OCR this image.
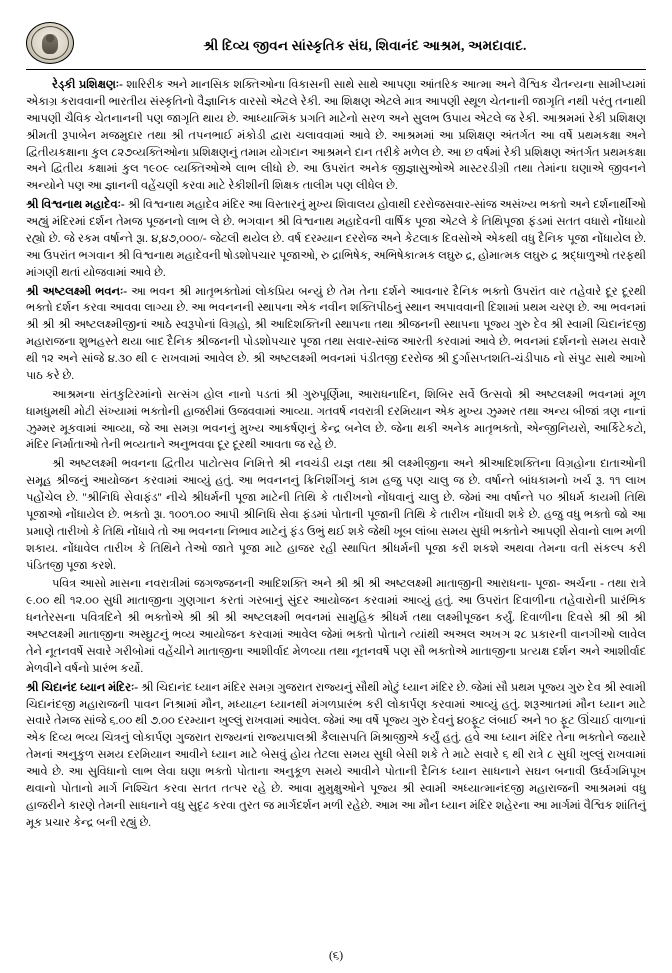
શ્રી દિવ્ય જીવન સાંસ્કૃતિક સંઘ, શિવાનંદ આશ્રમ, અમદાવાદ.

રેડ્કી પ્રશિક્ષણઃ- શારિરીક અને માનસિક શક્તિઓના વિકાસની સાથે સાથે આપણા આંતરિક આત્મા અને વૈશ્વિક ચૈતન્યના સામીપ્યમાં એકાગ્ર કરાવવાની ભારતીય સંસ્કૃતિનો વૈજ્ઞાનિક વારસો એટલે રેકી. આ શિક્ષણ એટલે માત્ર આપણી સ્થૂળ ચેતનાની જાગૃતિ નથી પરંતુ તનાથી આપણી ચૈવિક ચેતનાનની પણ જાગૃતિ થાય છે. આધ્યાત્મિક પ્રગતિ માટેનો સરળ અને સુલભ ઉપાય એટલે જ રેકી. આશ્રમમાં રેકી પ્રશિક્ષણ શ્રીમતી રૂપાબેન મજમુદાર તથા શ્રી તપનભાઈ મંકોડી દ્વારા ચલાવવામાં આવે છે. આશ્રમમાં આ પ્રશિક્ષણ અંતર્ગત આ વર્ષે પ્રથમકક્ષા અને દ્વિતીયકક્ષાના કુલ ૮૨૭વ્યક્તિઓના પ્રશિક્ષણનું તમામ યોગદાન આશ્રમને દાન તરીકે મળેલ છે. આ છ વર્ષમાં રેકી પ્રશિક્ષણ અંતર્ગત પ્રથમકક્ષા અને દ્વિતીય કક્ષામાં કુલ ૧૯૦૯ વ્યક્તિઓએ લાભ લીધો છે. આ ઉપરાંત અનેક જીજ્ઞાસુઓએ માસ્ટરડીગ્રી તથા તેમાંના ઘણાએ જીવનને અન્યોને પણ આ જ્ઞાનની વહેંચણી કરવા માટે રેકીશીની શિક્ષક તાલીમ પણ લીધેલ છે.

શ્રી વિશ્વનાથ મહાદેવઃ- શ્રી વિશ્વનાથ મહાદેવ મંદિર આ વિસ્તારનું મુખ્ય શિવાલય હોવાથી દરરોજસવાર-સાંજ અસંખ્ય ભક્તો અને દર્શનાર્થીઓ અહ્યું મંદિરમાં દર્શન તેમજ પૂજનનો લાભ લે છે. ભગવાન શ્રી વિશ્વનાથ મહાદેવની વાર્ષિક પૂજા એટલે કે તિથિપૂજા ફંડમાં સતત વધારો નોંધાયો રહ્યો છે. જે રકમ વર્ષાન્તે રૂા. ૪,૪૭,૦૦૦/- જેટલી થયેલ છે. વર્ષ દરમ્યાન દરરોજ અને કેટલાક દિવસોએ એકથી વધુ દૈનિક પૂજા નોંધાયેલ છે. આ ઉપરાંત ભગવાન શ્રી વિશ્વનાથ મહાદેવની ષોડશોપચાર પૂજાઓ, રુ દ્રાભિષેક, અભિષેકાત્મક લઘુરુ દ્ર, હોમાત્મક લઘુરુ દ્ર શ્રદ્ધાળુઓ તરફથી માંગણી થતાં યોજવામાં આવે છે.

શ્રી અષ્ટલક્ષ્મી ભવનઃ- આ ભવન શ્રી માતૃભક્તોમાં લોકપ્રિય બન્યું છે તેમ તેના દર્શને આવનાર દૈનિક ભક્તો ઉપરાંત વાર તહેવારે દૂર દૂરથી ભક્તો દર્શન કરવા આવવા લાગ્યા છે. આ ભવનનની સ્થાપના એક નવીન શક્તિપીઠનું સ્થાન અપાવવાની દિશામાં પ્રથમ ચરણ છે. આ ભવનમાં શ્રી શ્રી શ્રી અષ્ટલક્ષ્મીજીનાં આઠે સ્વરૂપોનાં વિગ્રહો, શ્રી આદિશક્તિની સ્થાપના તથા શ્રીજનની સ્થાપના પૂજ્ય ગુરુ દેવ શ્રી સ્વામી ચિદાનંદજી મહારાજના શુભહસ્તે થયા બાદ દૈનિક શ્રીજનની પોડશોપચાર પૂજા તથા સવાર-સાંજ આરતી કરવામાં આવે છે. ભવનમાં દર્શનનો સમય સવારે થી ૧૨ અને સાંજે ૪.૩૦ થી ૯ રાખવામાં આવેલ છે. શ્રી અષ્ટલક્ષ્મી ભવનમાં પંડીતજી દરરોજ શ્રી દુર્ગાસપ્તશતિ-ચંડીપાઠ નો સંપુટ સાથે આખો પાઠ કરે છે.

આશ્રમના સંતકુટિરમાંનો સત્સંગ હોલ નાનો પડતાં શ્રી ગુરુપૂર્ણિમા, આરાધનાદિન, શિબિર સર્વે ઉત્સવો શ્રી અષ્ટલક્ષ્મી ભવનમાં મૂળ ધામધુમથી મોટી સંખ્યામાં ભક્તોની હાજરીમાં ઉજવવામાં આવ્યા. ગતવર્ષ નવરાત્રી દરમિયાન એક મુખ્ય ઝુમ્મર તથા અન્ય બીજાં ત્રણ નાનાં ઝુમ્મર મૂકવામાં આવ્યા, જે આ સમગ્ર ભવનનું મુખ્ય આકર્ષણનું કેન્દ્ર બનેલ છે. જેના થકી અનેક માતૃભક્તો, એન્જીનિયરો, આર્કિટેકટો, મંદિર નિર્માતાઓ તેની ભવ્યતાને અનુભવવા દૂર દૂરથી આવતા જ રહે છે.

શ્રી અષ્ટલક્ષ્મી ભવનના દ્વિતીય પાટોત્સવ નિમિત્તે શ્રી નવચંડી યજ્ઞ તથા શ્રી લક્ષ્મીજીના અને શ્રીઆદિશક્તિના વિગ્રહોના દાતાઓની સમૂહ શ્રીજનું આયોજન કરવામાં આવ્યું હતું. આ ભવનનનું ક્રિનિશીંગનું કામ હજુ પણ ચાલુ જ છે. વર્ષાન્તે બાંધકામનો ખર્ચ રૂ. ૧૧ લાખ પહોંચેલ છે. ''શ્રીનિધિ સેવાફંડ'' નીચે શ્રીધર્મની પૂજા માટેની તિથિ કે તારીખનો નોંધવાનું ચાલુ છે. જેમાં આ વર્ષાન્તે ૫૦ શ્રીધર્મ કાયમી તિથિ પૂજાઓ નોંધાયેલ છે. ભક્તો રૂા. ૧૦૦૧.૦૦ આપી શ્રીનિધિ સેવા ફંડમાં પોતાની પૂજાની તિથિ કે તારીખ નોંધાવી શકે છે. હજુ વધુ ભક્તો જો આ પ્રમાણે તારીખો કે તિથિ નોંધાવે તો આ ભવનના નિભાવ માટેનું ફંડ ઉભું થઈ શકે જેથી ખૂબ લાંબા સમય સુધી ભક્તોને આપણી સેવાનો લાભ મળી શકાય. નોંધાવેલ તારીખ કે તિથિને તેઓ જાતે પૂજા માટે હાજર રહી સ્થાપિત શ્રીધર્મની પૂજા કરી શકશે અથવા તેમના વતી સંકલ્પ કરી પંડિતજી પૂજા કરશે.

પવિત્ર આસો માસના નવરાત્રીમાં જગજ્જનની આદિશક્તિ અને શ્રી શ્રી શ્રી અષ્ટલક્ષ્મી માતાજીની આરાધના- પૂજા- અર્ચના - તથા રાત્રે ૯.૦૦ થી ૧૨.૦૦ સુધી માતાજીના ગુણગાન કરતાં ગરબાનું સુંદર આયોજન કરવામાં આવ્યું હતું. આ ઉપરાંત દિવાળીના તહેવારોની પ્રારંભિક ધનતેરસના પવિત્રદિને શ્રી ભક્તોએ શ્રી શ્રી શ્રી અષ્ટલક્ષ્મી ભવનમાં સામુહિક શ્રીધર્મ તથા લક્ષ્મીપૂજન કર્યું. દિવાળીના દિવસે શ્રી શ્રી શ્રી અષ્ટલક્ષ્મી માતાજીના અસ્ઘ્રુટનું ભવ્ય આયોજન કરવામાં આવેલ જેમાં ભક્તો પોતાને ત્યાંથી અઅલ અખઞ ૨૮ પ્રકારની વાનગીઓ લાવેલ તેને નૂતનવર્ષે સવારે ગરીબોમાં વહેંચીને માતાજીના આશીર્વાદ મેળવ્યા તથા નૂતનવર્ષે પણ સૌ ભક્તોએ માતાજીના પ્રત્યક્ષ દર્શન અને આશીર્વાદ મેળવીને વર્ષનો પ્રારંભ કર્યો.

શ્રી ચિદાનંદ ધ્યાન મંદિરઃ- શ્રી ચિદાનંદ ધ્યાન મંદિર સમગ્ર ગુજરાત રાજ્યનું સૌથી મોટું ધ્યાન મંદિર છે. જેમાં સૌ પ્રથમ પૂજ્ય ગુરુ દેવ શ્રી સ્વામી ચિદાનંદજી મહારાજની પાવન નિશ્રામાં મૌન, મધ્યાહ્ન ધ્યાનથી મંગળપ્રારંભ કરી લોકાર્પણ કરવામાં આવ્યું હતું. શરૂઆતમાં મૌન ધ્યાન માટે સવારે તેમજ સાંજે ૬.૦૦ થી ૭.૦૦ દરમ્યાન ખુલ્લું રાખવામાં આવેલ. જેમાં આ વર્ષે પૂજ્ય ગુરુ દેવનું ૪૦ફૂટ લંબાઈ અને ૧૦ ફૂટ ઊંચાઈ વાળાનાં એક દિવ્ય ભવ્ય ચિત્રનું લોકાર્પણ ગુજરાત રાજ્યનાં રાજ્યપાલશ્રી કૈલાસપતિ મિશ્રાજીએ કર્યું હતું. હવે આ ધ્યાન મંદિર તેના ભક્તોને જયારે તેમનાં અનુકુળ સમય દરમિયાન આવીને ધ્યાન માટે બેસવું હોય તેટલા સમય સુધી બેસી શકે તે માટે સવારે ૬ થી રાત્રે ૮ સુધી ખુલ્લું રાખવામાં આવે છે. આ સુવિધાનો લાભ લેવા ઘણા ભક્તો પોતાના અનુકૂળ સમયે આવીને પોતાની દૈનિક ધ્યાન સાધનાને સઘન બનાવી ઉર્ધ્વગમિપૂખ થવાનો પોતાનો માર્ગ નિશ્ચિત કરવા સતત તત્પર રહે છે. આવા મુમુક્ષુઓને પૂજ્ય શ્રી સ્વામી અધ્યાત્માનંદજી મહારાજની આશ્રમમાં વધુ હાજરીને કારણે તેમની સાધનાને વધુ સુદૃઢ કરવા તુરત જ માર્ગદર્શન મળી રહેછે. આમ આ મૌન ધ્યાન મંદિર શહેરના આ માર્ગમાં વૈશ્વિક શાંતિનું મૂક પ્રચાર કેન્દ્ર બની રહ્યું છે.

(૬)
